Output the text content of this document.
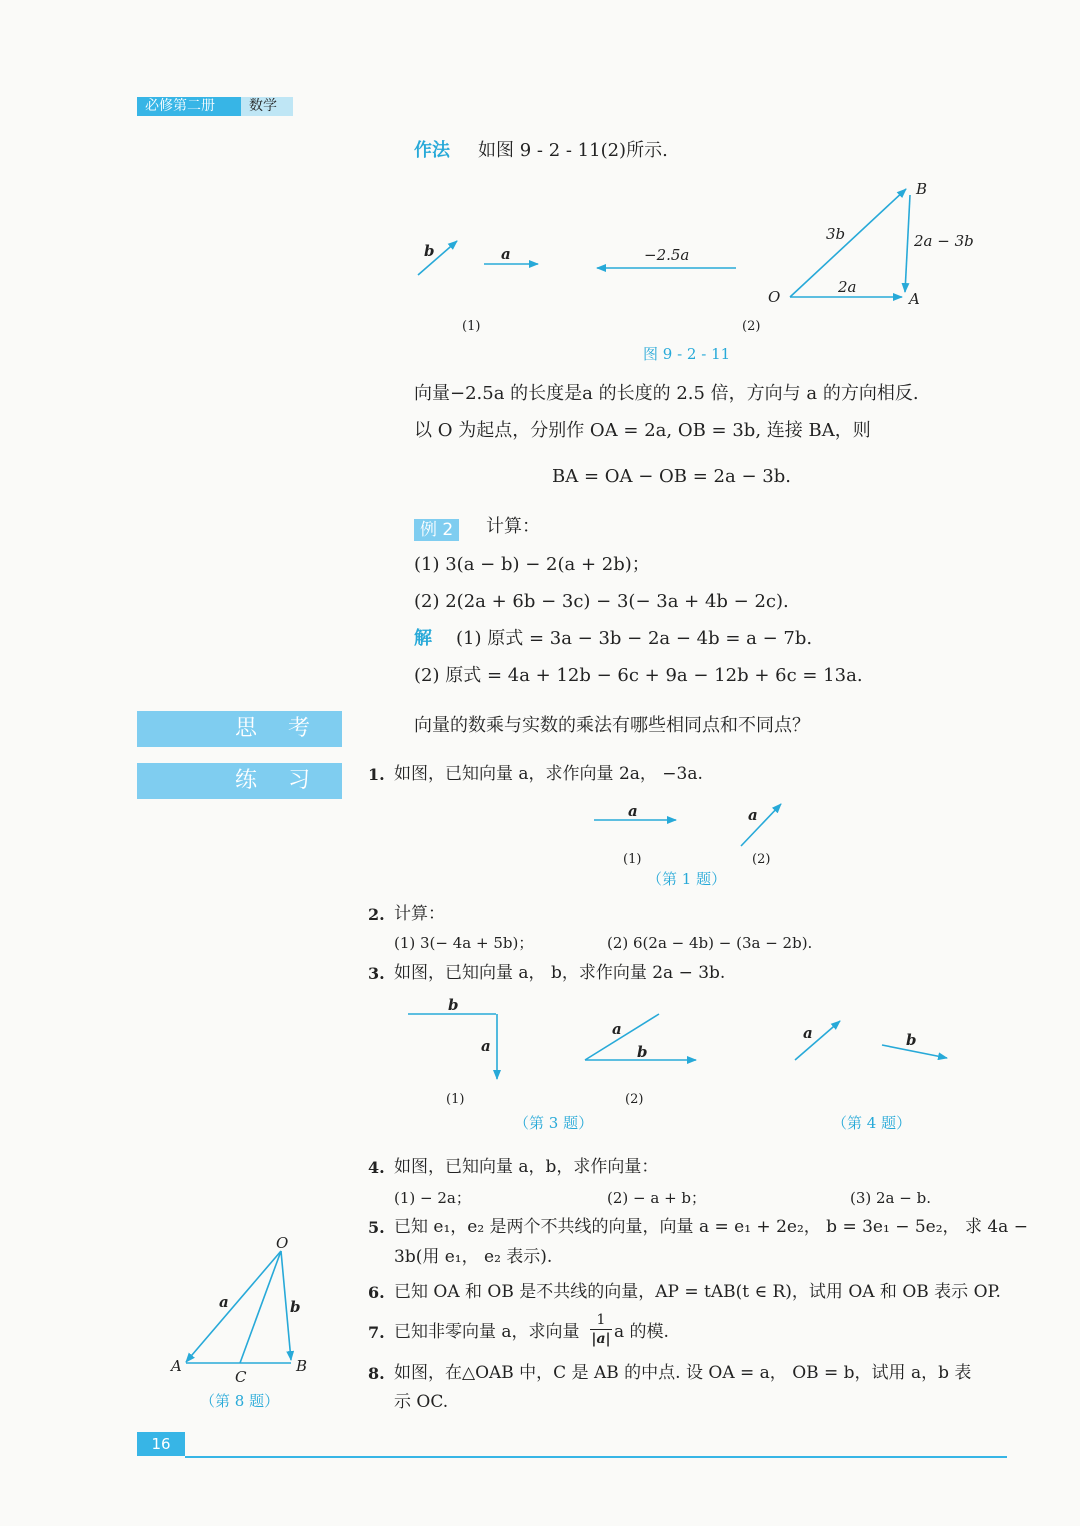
必修第二册	数学
作法 如图 9 - 2 - 11(2)所示.
b	a	−2.5a
B
3b	2a − 3b
2a
O	A
(1)	(2)
图 9 - 2 - 11
向量−2.5a 的长度是a 的长度的 2.5 倍，方向与 a 的方向相反.
以 O 为起点，分别作 OA = 2a, OB = 3b, 连接 BA，则
BA = OA − OB = 2a − 3b.
例 2	计算：
(1) 3(a − b) − 2(a + 2b)；
(2) 2(2a + 6b − 3c) − 3(− 3a + 4b − 2c).
解 (1) 原式 = 3a − 3b − 2a − 4b = a − 7b.
(2) 原式 = 4a + 12b − 6c + 9a − 12b + 6c = 13a.
思 考	向量的数乘与实数的乘法有哪些相同点和不同点？
练 习	1. 如图，已知向量 a，求作向量 2a， −3a.
a	a
(1)	(2)
（第 1 题）
2. 计算：
(1) 3(− 4a + 5b)；	(2) 6(2a − 4b) − (3a − 2b).
3. 如图，已知向量 a， b，求作向量 2a − 3b.
b
a
a
b
(1)	(2)
（第 3 题）
a	b
（第 4 题）
4. 如图，已知向量 a，b，求作向量：
(1) − 2a；	(2) − a + b；	(3) 2a − b.
5. 已知 e₁，e₂ 是两个不共线的向量，向量 a = e₁ + 2e₂， b = 3e₁ − 5e₂， 求 4a −
3b(用 e₁， e₂ 表示).
6. 已知 OA 和 OB 是不共线的向量，AP = tAB(t ∈ R)，试用 OA 和 OB 表示 OP.
7. 已知非零向量 a，求向量 $\frac{1}{|a|}$ a 的模.
8. 如图，在△OAB 中，C 是 AB 的中点. 设 OA = a， OB = b，试用 a，b 表
示 OC.
O
a	b
A
C
B
（第 8 题）
16
